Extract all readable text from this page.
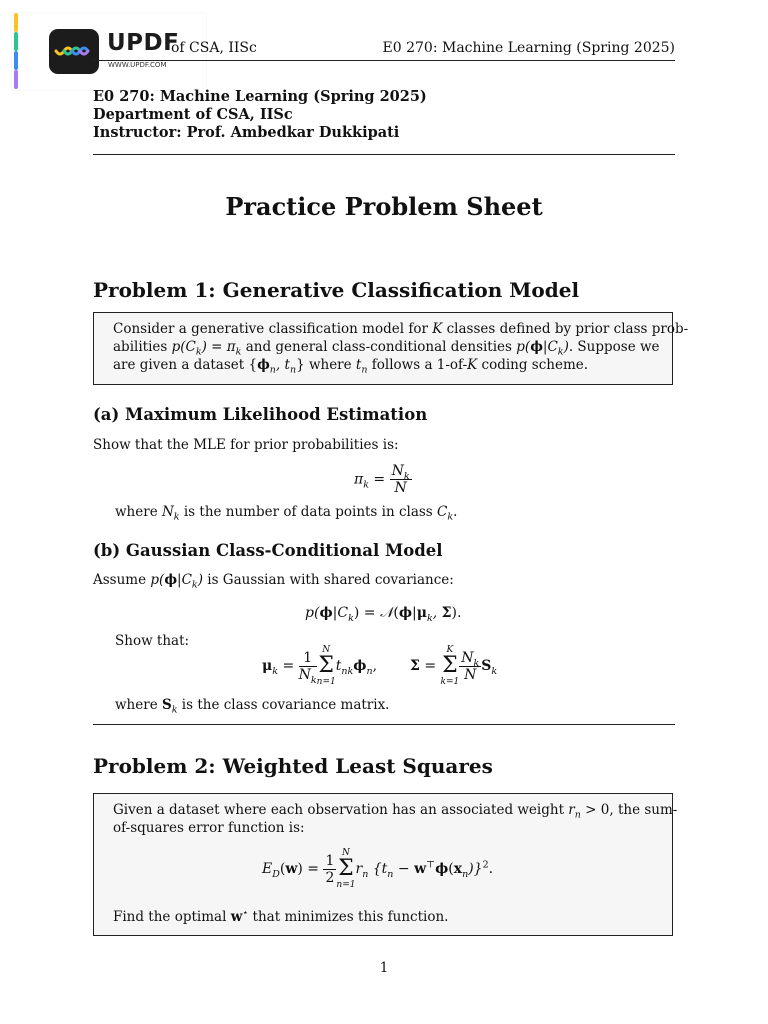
UPDF
WWW.UPDF.COM
of CSA, IISc	E0 270: Machine Learning (Spring 2025)
E0 270: Machine Learning (Spring 2025)
Department of CSA, IISc
Instructor: Prof. Ambedkar Dukkipati
Practice Problem Sheet
Problem 1: Generative Classification Model
Consider a generative classification model for K classes defined by prior class prob-
abilities $p(C_k) = \pi_k$ and general class-conditional densities $p(\phi|C_k)$. Suppose we
are given a dataset {$\phi_n$, $t_n$} where $t_n$ follows a 1-of-K coding scheme.
(a) Maximum Likelihood Estimation
Show that the MLE for prior probabilities is:
$\pi_k = \frac{N_k}{N}$
where $N_k$ is the number of data points in class $C_k$.
(b) Gaussian Class-Conditional Model
Assume $p(\phi|C_k)$ is Gaussian with shared covariance:
$p(\phi|C_k)$ = $𝒩(\phi|\mu_k$, Σ).
Show that:
$\mu_k = \frac{1}{N_k}$ N
Σ
n=1
$t_{nk}\phi_n$, Σ =
K
Σ
$k=1 \frac{N_k}{N} S_k$
where $S_k$ is the class covariance matrix.
Problem 2: Weighted Least Squares
Given a dataset where each observation has an associated weight $r_n > 0$, the sum-
of-squares error function is:
$E_D(w) = \frac{1}{2}$ N
Σ
n=1
$r_n$ $\{t_n - w^⊤\phi(x_n)\}^2$.
Find the optimal w⋆ that minimizes this function.
1
